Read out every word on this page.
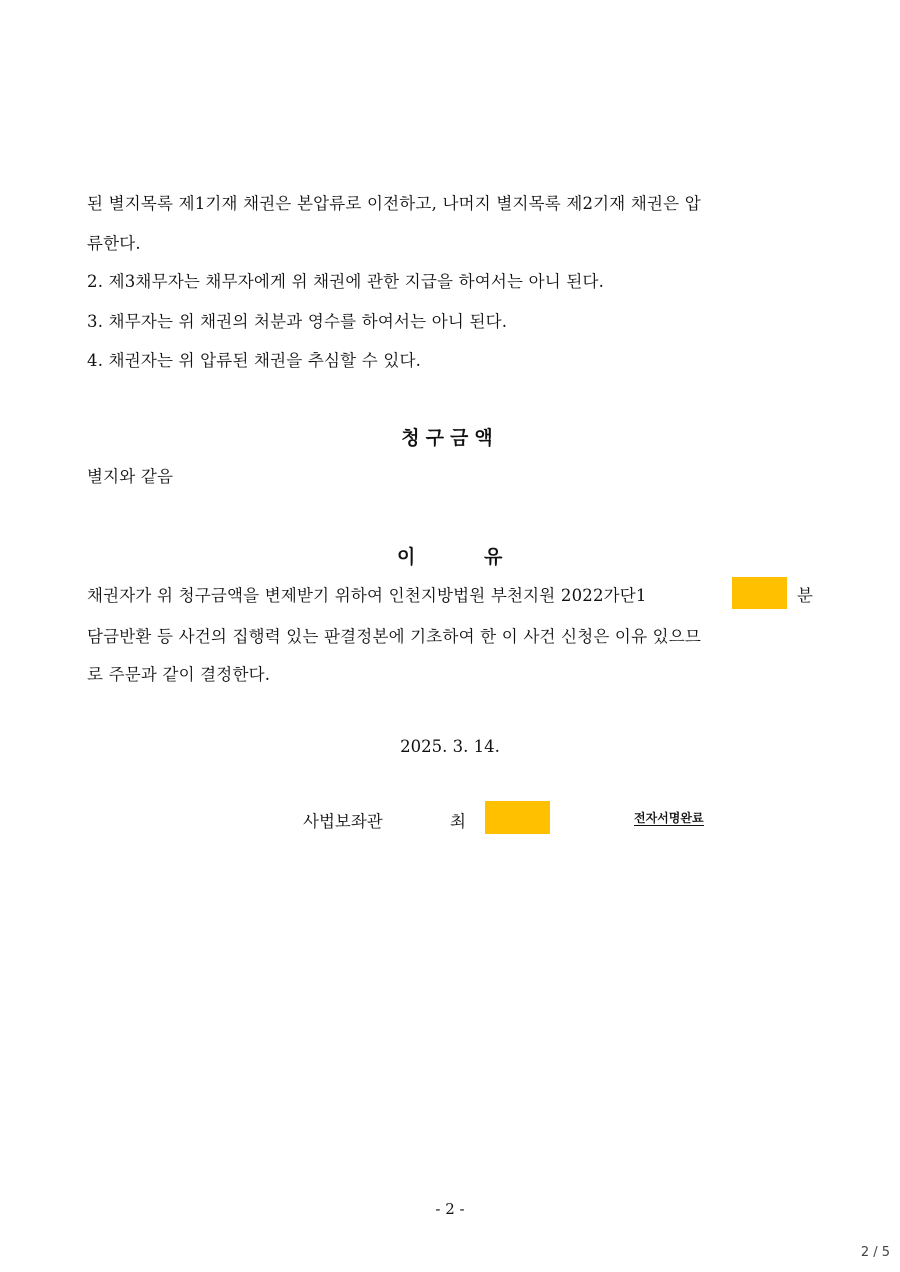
된 별지목록 제1기재 채권은 본압류로 이전하고, 나머지 별지목록 제2기재 채권은 압
류한다.
2. 제3채무자는 채무자에게 위 채권에 관한 지급을 하여서는 아니 된다.
3. 채무자는 위 채권의 처분과 영수를 하여서는 아니 된다.
4. 채권자는 위 압류된 채권을 추심할 수 있다.
청구금액
별지와 같음
이	유
채권자가 위 청구금액을 변제받기 위하여 인천지방법원 부천지원 2022가단1	분
담금반환 등 사건의 집행력 있는 판결정본에 기초하여 한 이 사건 신청은 이유 있으므
로 주문과 같이 결정한다.
2025. 3. 14.
사법보좌관	최	전자서명완료
- 2 -
2 / 5
